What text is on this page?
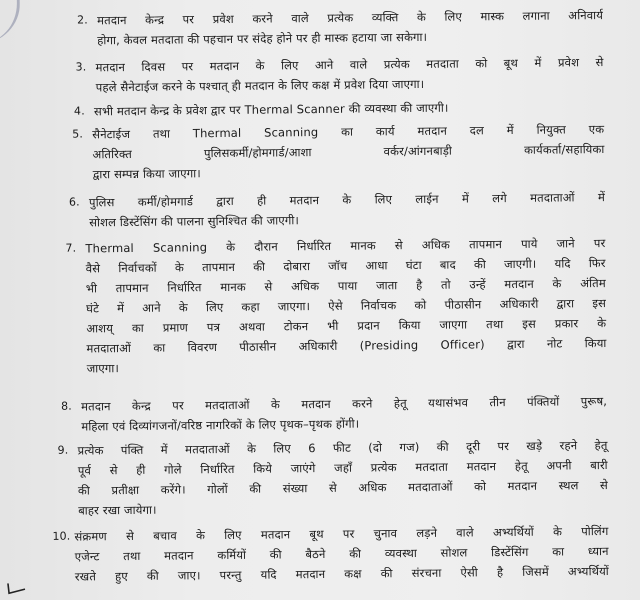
2. मतदान केन्द्र पर प्रवेश करने वाले प्रत्येक व्यक्ति के लिए मास्क लगाना अनिवार्य
होगा, केवल मतदाता की पहचान पर संदेह होने पर ही मास्क हटाया जा सकेगा।
3. मतदान दिवस पर मतदान के लिए आने वाले प्रत्येक मतदाता को बूथ में प्रवेश से
पहले सैनेटाईज करने के पश्चात् ही मतदान के लिए कक्ष में प्रवेश दिया जाएगा।
4. सभी मतदान केन्द्र के प्रवेश द्वार पर Thermal Scanner की व्यवस्था की जाएगी।
5. सैनेटाईज तथा Thermal Scanning का कार्य मतदान दल में नियुक्त एक
अतिरिक्त पुलिसकर्मी/होमगार्ड/आशा वर्कर/आंगनबाड़ी कार्यकर्ता/सहायिका
द्वारा सम्पन्न किया जाएगा।
6. पुलिस कर्मी/होमगार्ड द्वारा ही मतदान के लिए लाईन में लगे मतदाताओं में
सोशल डिस्टेंसिंग की पालना सुनिश्चित की जाएगी।
7. Thermal Scanning के दौरान निर्धारित मानक से अधिक तापमान पाये जाने पर
वैसे निर्वाचकों के तापमान की दोबारा जॉच आधा घंटा बाद की जाएगी। यदि फिर
भी तापमान निर्धारित मानक से अधिक पाया जाता है तो उन्हें मतदान के अंतिम
घंटे में आने के लिए कहा जाएगा। ऐसे निर्वाचक को पीठासीन अधिकारी द्वारा इस
आशय् का प्रमाण पत्र अथवा टोकन भी प्रदान किया जाएगा तथा इस प्रकार के
मतदाताओं का विवरण पीठासीन अधिकारी (Presiding Officer) द्वारा नोट किया
जाएगा।
8. मतदान केन्द्र पर मतदाताओं के मतदान करने हेतू यथासंभव तीन पंक्तियों पुरूष,
महिला एवं दिव्यांगजनों/वरिष्ठ नागरिकों के लिए पृथक–पृथक होंगी।
9. प्रत्येक पंक्ति में मतदाताओं के लिए 6 फीट (दो गज) की दूरी पर खड़े रहने हेतू
पूर्व से ही गोले निर्धारित किये जाएंगे जहॉं प्रत्येक मतदाता मतदान हेतू अपनी बारी
की प्रतीक्षा करेंगे। गोलों की संख्या से अधिक मतदाताओं को मतदान स्थल से
बाहर रखा जायेगा।
10. संक्रमण से बचाव के लिए मतदान बूथ पर चुनाव लड़ने वाले अभ्यर्थियों के पोलिंग
एजेन्ट तथा मतदान कर्मियों की बैठने की व्यवस्था सोशल डिस्टेंसिंग का ध्यान
रखते हुए की जाए। परन्तु यदि मतदान कक्ष की संरचना ऐसी है जिसमें अभ्यर्थियों
